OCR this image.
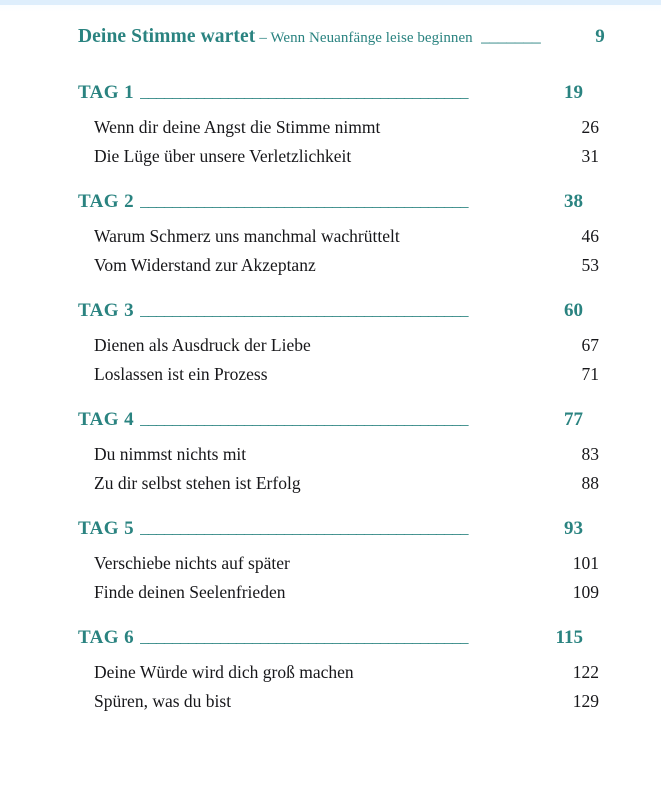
Deine Stimme wartet – Wenn Neuanfänge leise beginnen _______	9
TAG 1 _________________________________________	19
Wenn dir deine Angst die Stimme nimmt	26
Die Lüge über unsere Verletzlichkeit	31
TAG 2 _________________________________________	38
Warum Schmerz uns manchmal wachrüttelt	46
Vom Widerstand zur Akzeptanz	53
TAG 3 _________________________________________	60
Dienen als Ausdruck der Liebe	67
Loslassen ist ein Prozess	71
TAG 4 _________________________________________	77
Du nimmst nichts mit	83
Zu dir selbst stehen ist Erfolg	88
TAG 5 _________________________________________	93
Verschiebe nichts auf später	101
Finde deinen Seelenfrieden	109
TAG 6 _________________________________________	115
Deine Würde wird dich groß machen	122
Spüren, was du bist	129
